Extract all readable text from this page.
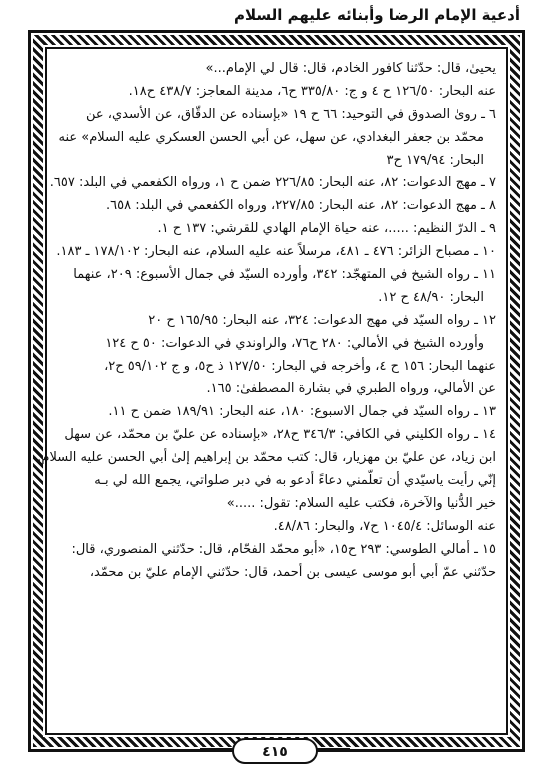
أدعية الإمام الرضا وأبنائه عليهم السلام
يحيىٰ، قال: حدّثنا كافور الخادم، قال: قال لي الإمام...»
عنه البحار: ١٢٦/٥٠ ح ٤ و ج: ٣٣٥/٨٠ ح٦، مدينة المعاجز: ٤٣٨/٧ ح١٨.
٦ ـ رویٰ الصدوق في التوحيد: ٦٦ ح ١٩ «بإسناده عن الدقّاق، عن الأسدي، عن
محمّد بن جعفر البغدادي، عن سهل، عن أبي الحسن العسكري عليه السلام» عنه
البحار: ١٧٩/٩٤ ح٣
٧ ـ مهج الدعوات: ٨٢، عنه البحار: ٢٢٦/٨٥ ضمن ح ١، ورواه الكفعمي في البلد: ٦٥٧.
٨ ـ مهج الدعوات: ٨٢، عنه البحار: ٢٢٧/٨٥، ورواه الكفعمي في البلد: ٦٥٨.
٩ ـ الدرّ النظيم: .....، عنه حياة الإمام الهادي للقرشي: ١٣٧ ح ١.
١٠ ـ مصباح الزائر: ٤٧٦ ـ ٤٨١، مرسلاً عنه عليه السلام، عنه البحار: ١٧٨/١٠٢ ـ ١٨٣.
١١ ـ رواه الشيخ في المتهجّد: ٣٤٢، وأورده السيّد في جمال الأسبوع: ٢٠٩، عنهما
البحار: ٤٨/٩٠ ح ١٢.
١٢ ـ رواه السيّد في مهج الدعوات: ٣٢٤، عنه البحار: ١٦٥/٩٥ ح ٢٠
وأورده الشيخ في الأمالي: ٢٨٠ ح٧٦، والراوندي في الدعوات: ٥٠ ح ١٢٤
عنهما البحار: ١٥٦ ح ٤، وأخرجه في البحار: ١٢٧/٥٠ ذ ح٥، و ج ٥٩/١٠٢ ح٢،
عن الأمالي، ورواه الطبري في بشارة المصطفىٰ: ١٦٥.
١٣ ـ رواه السيّد في جمال الاسبوع: ١٨٠، عنه البحار: ١٨٩/٩١ ضمن ح ١١.
١٤ ـ رواه الكليني في الكافي: ٣٤٦/٣ ح٢٨، «بإسناده عن عليّ بن محمّد، عن سهل
ابن زياد، عن عليّ بن مهزيار، قال: كتب محمّد بن إبراهيم إلىٰ أبي الحسن عليه السلام:
إنّي رأيت ياسيّدي أن تعلّمني دعاءً أدعو به في دبر صلواتي، يجمع الله لي بـه
خير الدُّنيا والآخرة، فكتب عليه السلام: تقول: .....»
عنه الوسائل: ١٠٤٥/٤ ح٧، والبحار: ٤٨/٨٦.
١٥ ـ أمالي الطوسي: ٢٩٣ ح١٥، «أبو محمّد الفحّام، قال: حدّثني المنصوري، قال:
حدّثني عمّ أبي أبو موسى عيسى بن أحمد، قال: حدّثني الإمام عليّ بن محمّد،
٤١٥
